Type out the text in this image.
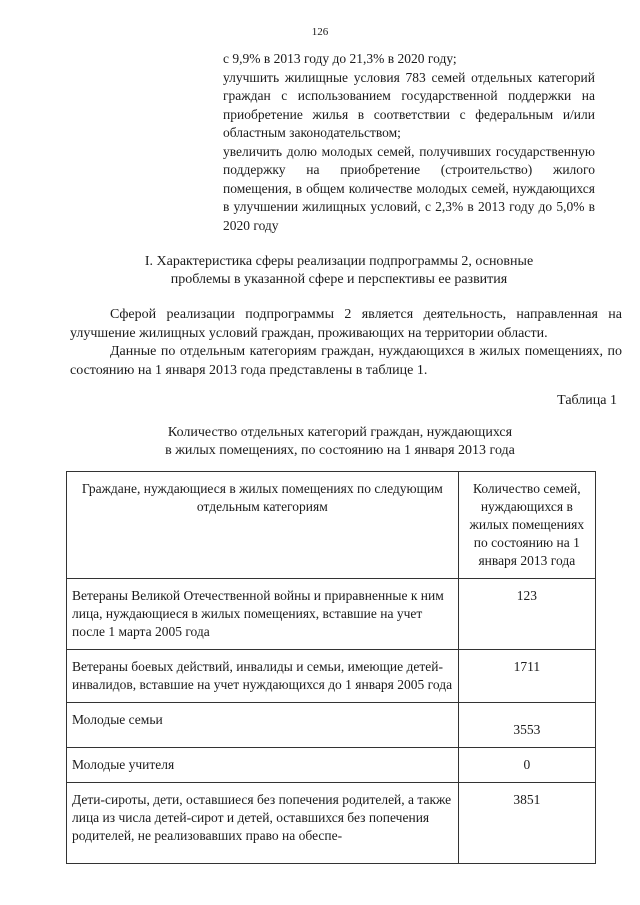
126

с 9,9% в 2013 году до 21,3% в 2020 году;

улучшить жилищные условия 783 семей отдельных категорий граждан с использованием государственной поддержки на приобретение жилья в соответствии с федеральным и/или областным законодательством;

увеличить долю молодых семей, получивших государственную поддержку на приобретение (строительство) жилого помещения, в общем количестве молодых семей, нуждающихся в улучшении жилищных условий, с 2,3% в 2013 году до 5,0% в 2020 году

I. Характеристика сферы реализации подпрограммы 2, основные
проблемы в указанной сфере и перспективы ее развития

Сферой реализации подпрограммы 2 является деятельность, направленная на улучшение жилищных условий граждан, проживающих на территории области.

Данные по отдельным категориям граждан, нуждающихся в жилых помещениях, по состоянию на 1 января 2013 года представлены в таблице 1.

Таблица 1
Количество отдельных категорий граждан, нуждающихся
в жилых помещениях, по состоянию на 1 января 2013 года
Граждане, нуждающиеся в жилых помещениях по следующим отдельным категориям	Количество семей, нуждающихся в жилых помещениях по состоянию на 1 января 2013 года
Ветераны Великой Отечественной войны и приравненные к ним лица, нуждающиеся в жилых помещениях, вставшие на учет после 1 марта 2005 года	123
Ветераны боевых действий, инвалиды и семьи, имеющие детей-инвалидов, вставшие на учет нуждающихся до 1 января 2005 года	1711
Молодые семьи	3553
Молодые учителя	0
Дети-сироты, дети, оставшиеся без попечения родителей, а также лица из числа детей-сирот и детей, оставшихся без попечения родителей, не реализовавших право на обеспе-	3851
